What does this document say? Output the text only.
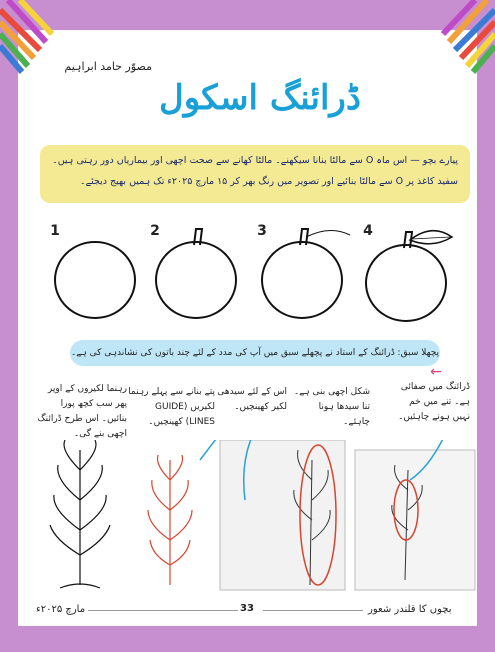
مصوّر حامد ابراہیم
ڈرائنگ اسکول

پیارے بچو — اس ماہ O سے مالٹا بنانا سیکھنے۔ مالٹا کھانے سے صحت اچھی اور بیماریاں دور رہتی ہیں۔

سفید کاغذ پر O سے مالٹا بنائیے اور تصویر میں رنگ بھر کر ۱۵ مارچ ۲۰۲۵ء تک ہمیں بھیج دیجئے۔

1	2	3	4
پچھلا سبق: ڈرائنگ کے استاد نے پچھلے سبق میں آپ کی مدد کے لئے چند باتوں کی نشاندہی کی ہے۔
←
ڈرائنگ میں صفائی ہے۔ تنے میں خم نہیں ہونے چاہئیں۔
شکل اچھی بنی ہے۔ تنا سیدھا ہونا چاہئے۔
اس کے لئے سیدھی لکیر کھینچیں۔
پتے بنانے سے پہلے رہنما لکیریں (GUIDE LINES) کھینچیں۔
رہنما لکیروں کے اوپر پھر سب کچھ پورا بنائیں۔ اس طرح ڈرائنگ اچھی بنے گی۔
مارچ ۲۰۲۵ء	33	بچوں کا قلندر شعور
